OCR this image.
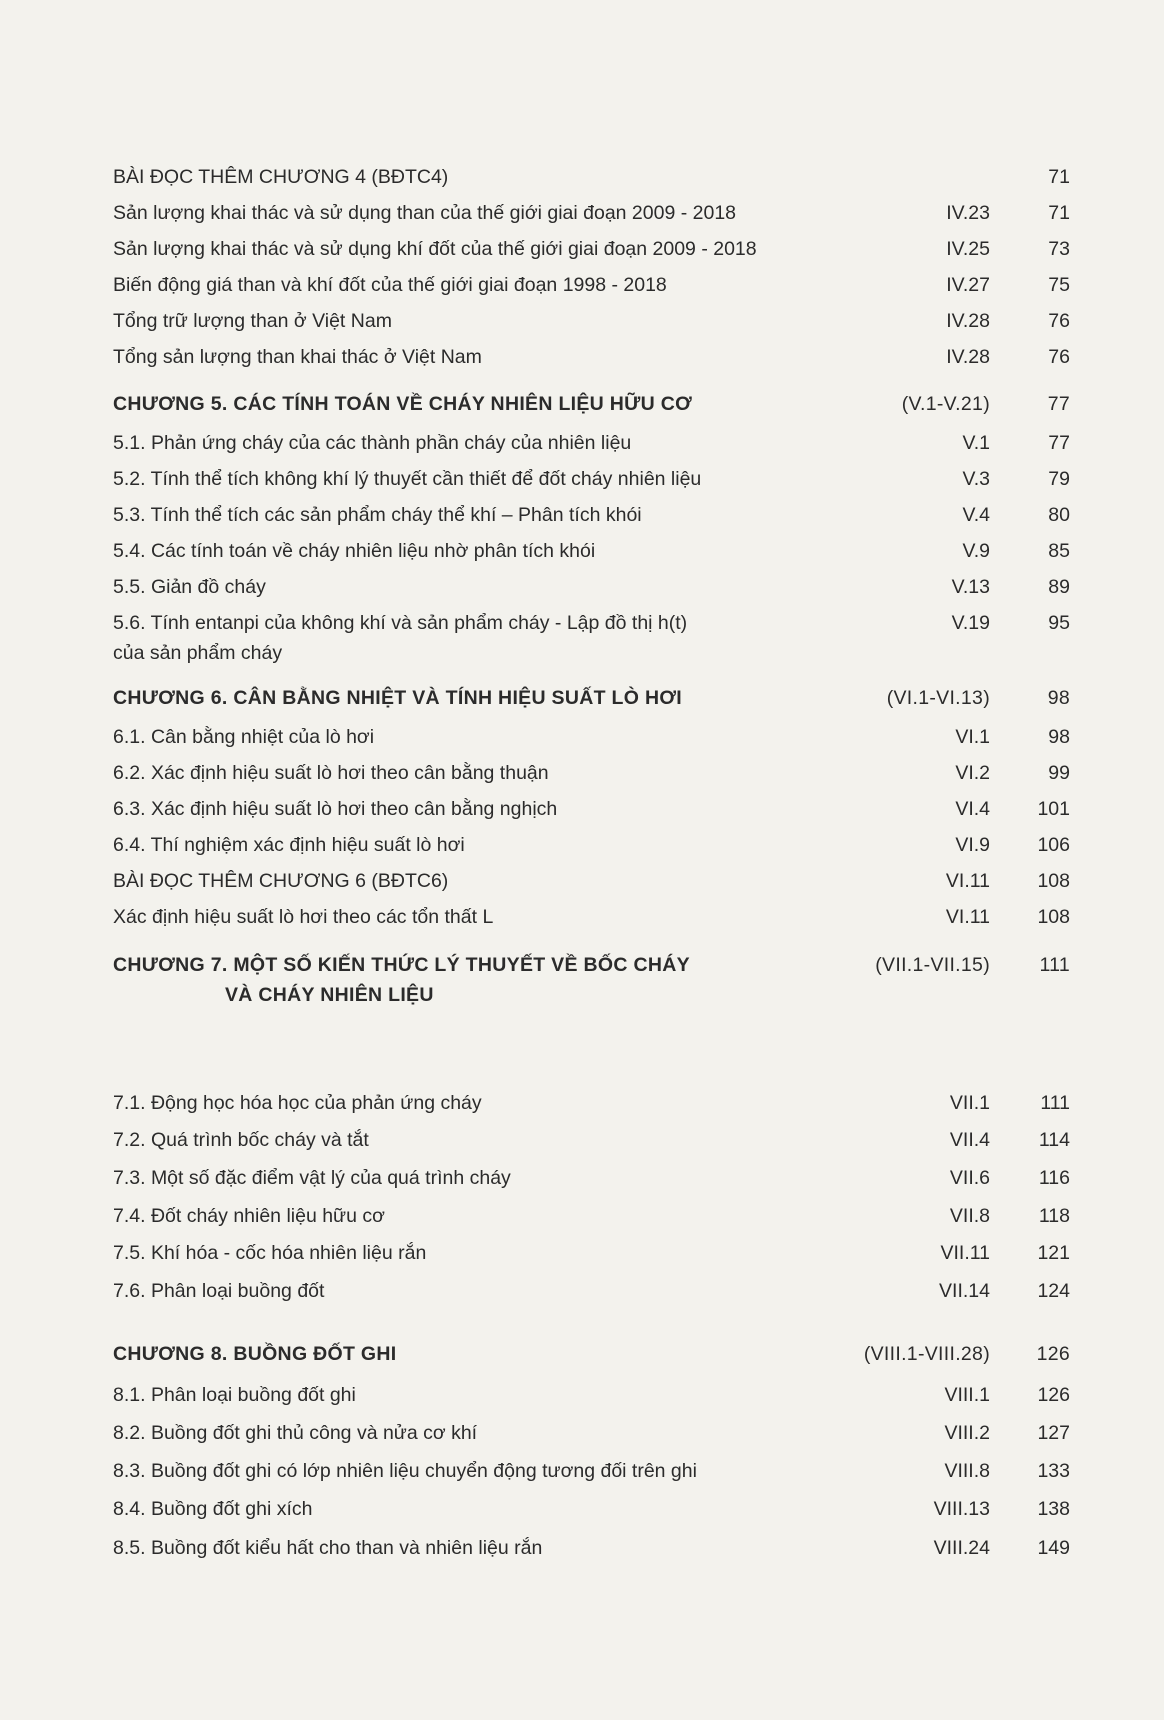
BÀI ĐỌC THÊM CHƯƠNG 4 (BĐTC4)	71
Sản lượng khai thác và sử dụng than của thế giới giai đoạn 2009 - 2018	IV.23	71
Sản lượng khai thác và sử dụng khí đốt của thế giới giai đoạn 2009 - 2018	IV.25	73
Biến động giá than và khí đốt của thế giới giai đoạn 1998 - 2018	IV.27	75
Tổng trữ lượng than ở Việt Nam	IV.28	76
Tổng sản lượng than khai thác ở Việt Nam	IV.28	76
CHƯƠNG 5. CÁC TÍNH TOÁN VỀ CHÁY NHIÊN LIỆU HỮU CƠ	(V.1-V.21)	77
5.1. Phản ứng cháy của các thành phần cháy của nhiên liệu	V.1	77
5.2. Tính thể tích không khí lý thuyết cần thiết để đốt cháy nhiên liệu	V.3	79
5.3. Tính thể tích các sản phẩm cháy thể khí – Phân tích khói	V.4	80
5.4. Các tính toán về cháy nhiên liệu nhờ phân tích khói	V.9	85
5.5. Giản đồ cháy	V.13	89
5.6. Tính entanpi của không khí và sản phẩm cháy - Lập đồ thị h(t)
của sản phẩm cháy
V.19	95
CHƯƠNG 6. CÂN BẰNG NHIỆT VÀ TÍNH HIỆU SUẤT LÒ HƠI	(VI.1-VI.13)	98
6.1. Cân bằng nhiệt của lò hơi	VI.1	98
6.2. Xác định hiệu suất lò hơi theo cân bằng thuận	VI.2	99
6.3. Xác định hiệu suất lò hơi theo cân bằng nghịch	VI.4 101
6.4. Thí nghiệm xác định hiệu suất lò hơi	VI.9 106
BÀI ĐỌC THÊM CHƯƠNG 6 (BĐTC6)	VI.11 108
Xác định hiệu suất lò hơi theo các tổn thất L	VI.11 108
CHƯƠNG 7. MỘT SỐ KIẾN THỨC LÝ THUYẾT VỀ BỐC CHÁY
VÀ CHÁY NHIÊN LIỆU
(VII.1-VII.15)	111
7.1. Động học hóa học của phản ứng cháy	VII.1	111
7.2. Quá trình bốc cháy và tắt	VII.4	114
7.3. Một số đặc điểm vật lý của quá trình cháy	VII.6	116
7.4. Đốt cháy nhiên liệu hữu cơ	VII.8	118
7.5. Khí hóa - cốc hóa nhiên liệu rắn	VII.11 121
7.6. Phân loại buồng đốt	VII.14 124
CHƯƠNG 8. BUỒNG ĐỐT GHI	(VIII.1-VIII.28) 126
8.1. Phân loại buồng đốt ghi	VIII.1 126
8.2. Buồng đốt ghi thủ công và nửa cơ khí	VIII.2 127
8.3. Buồng đốt ghi có lớp nhiên liệu chuyển động tương đối trên ghi	VIII.8 133
8.4. Buồng đốt ghi xích	VIII.13 138
8.5. Buồng đốt kiểu hất cho than và nhiên liệu rắn	VIII.24 149
